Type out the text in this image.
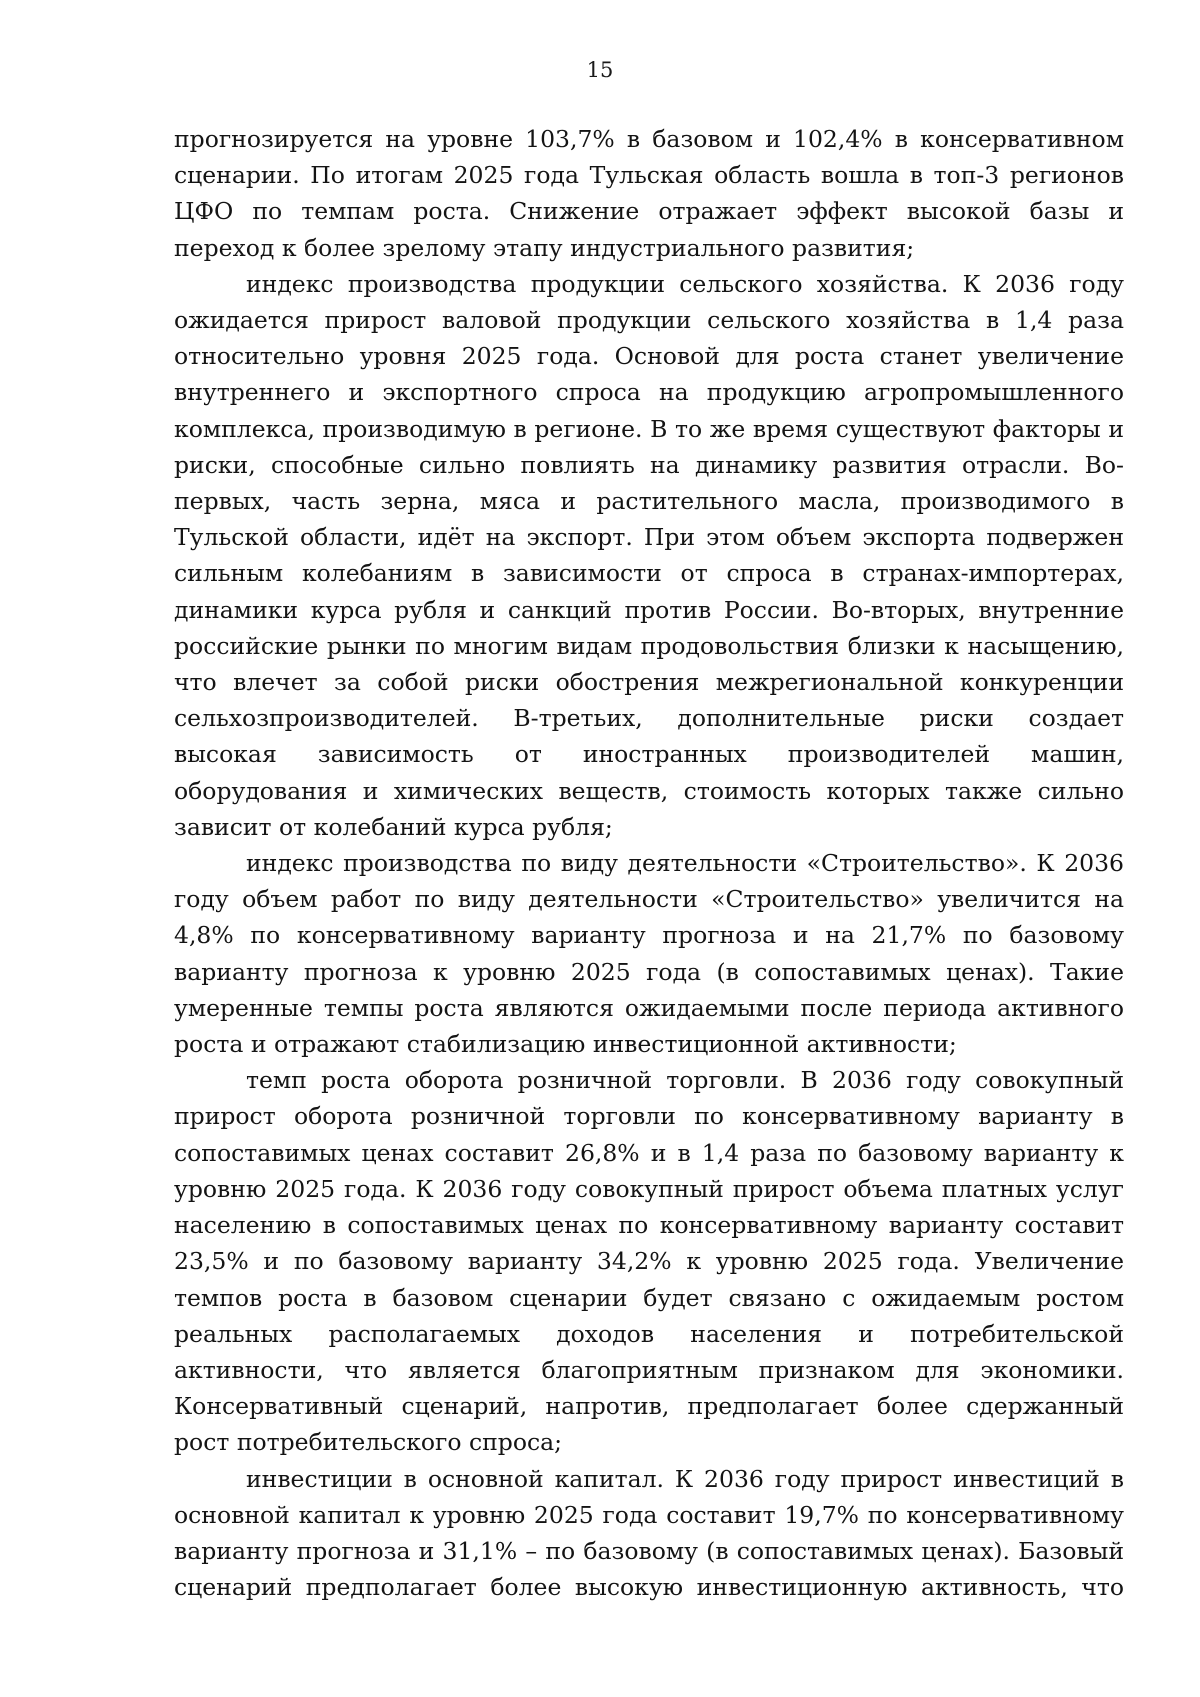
15

прогнозируется на уровне 103,7% в базовом и 102,4% в консервативном сценарии. По итогам 2025 года Тульская область вошла в топ-3 регионов ЦФО по темпам роста. Снижение отражает эффект высокой базы и переход к более зрелому этапу индустриального развития;

индекс производства продукции сельского хозяйства. К 2036 году ожидается прирост валовой продукции сельского хозяйства в 1,4 раза относительно уровня 2025 года. Основой для роста станет увеличение внутреннего и экспортного спроса на продукцию агропромышленного комплекса, производимую в регионе. В то же время существуют факторы и риски, способные сильно повлиять на динамику развития отрасли. Во-первых, часть зерна, мяса и растительного масла, производимого в Тульской области, идёт на экспорт. При этом объем экспорта подвержен сильным колебаниям в зависимости от спроса в странах-импортерах, динамики курса рубля и санкций против России. Во-вторых, внутренние российские рынки по многим видам продовольствия близки к насыщению, что влечет за собой риски обострения межрегиональной конкуренции сельхозпроизводителей. В-третьих, дополнительные риски создает высокая зависимость от иностранных производителей машин, оборудования и химических веществ, стоимость которых также сильно зависит от колебаний курса рубля;

индекс производства по виду деятельности «Строительство». К 2036 году объем работ по виду деятельности «Строительство» увеличится на 4,8% по консервативному варианту прогноза и на 21,7% по базовому варианту прогноза к уровню 2025 года (в сопоставимых ценах). Такие умеренные темпы роста являются ожидаемыми после периода активного роста и отражают стабилизацию инвестиционной активности;

темп роста оборота розничной торговли. В 2036 году совокупный прирост оборота розничной торговли по консервативному варианту в сопоставимых ценах составит 26,8% и в 1,4 раза по базовому варианту к уровню 2025 года. К 2036 году совокупный прирост объема платных услуг населению в сопоставимых ценах по консервативному варианту составит 23,5% и по базовому варианту 34,2% к уровню 2025 года. Увеличение темпов роста в базовом сценарии будет связано с ожидаемым ростом реальных располагаемых доходов населения и потребительской активности, что является благоприятным признаком для экономики. Консервативный сценарий, напротив, предполагает более сдержанный рост потребительского спроса;

инвестиции в основной капитал. К 2036 году прирост инвестиций в основной капитал к уровню 2025 года составит 19,7% по консервативному варианту прогноза и 31,1% – по базовому (в сопоставимых ценах). Базовый сценарий предполагает более высокую инвестиционную активность, что
